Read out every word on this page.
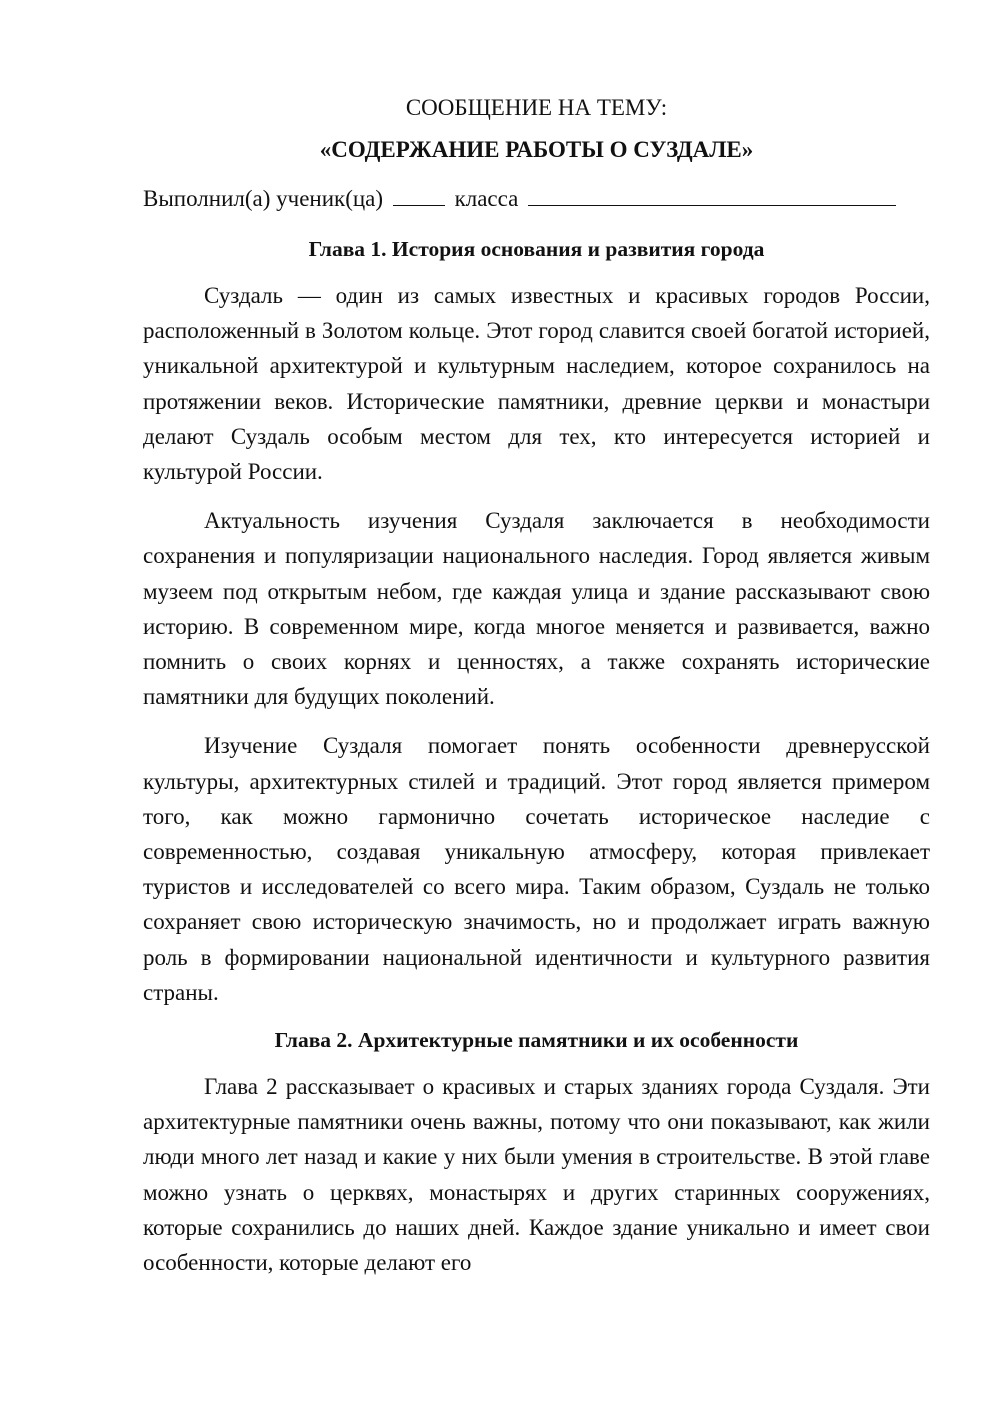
СООБЩЕНИЕ НА ТЕМУ:
«СОДЕРЖАНИЕ РАБОТЫ О СУЗДАЛЕ»
Выполнил(а) ученик(ца)	класса
Глава 1. История основания и развития города

Суздаль — один из самых известных и красивых городов России, расположенный в Золотом кольце. Этот город славится своей богатой историей, уникальной архитектурой и культурным наследием, которое сохранилось на протяжении веков. Исторические памятники, древние церкви и монастыри делают Суздаль особым местом для тех, кто интересуется историей и культурой России.

Актуальность изучения Суздаля заключается в необходимости сохранения и популяризации национального наследия. Город является живым музеем под открытым небом, где каждая улица и здание рассказывают свою историю. В современном мире, когда многое меняется и развивается, важно помнить о своих корнях и ценностях, а также сохранять исторические памятники для будущих поколений.

Изучение Суздаля помогает понять особенности древнерусской культуры, архитектурных стилей и традиций. Этот город является примером того, как можно гармонично сочетать историческое наследие с современностью, создавая уникальную атмосферу, которая привлекает туристов и исследователей со всего мира. Таким образом, Суздаль не только сохраняет свою историческую значимость, но и продолжает играть важную роль в формировании национальной идентичности и культурного развития страны.

Глава 2. Архитектурные памятники и их особенности

Глава 2 рассказывает о красивых и старых зданиях города Суздаля. Эти архитектурные памятники очень важны, потому что они показывают, как жили люди много лет назад и какие у них были умения в строительстве. В этой главе можно узнать о церквях, монастырях и других старинных сооружениях, которые сохранились до наших дней. Каждое здание уникально и имеет свои особенности, которые делают его
